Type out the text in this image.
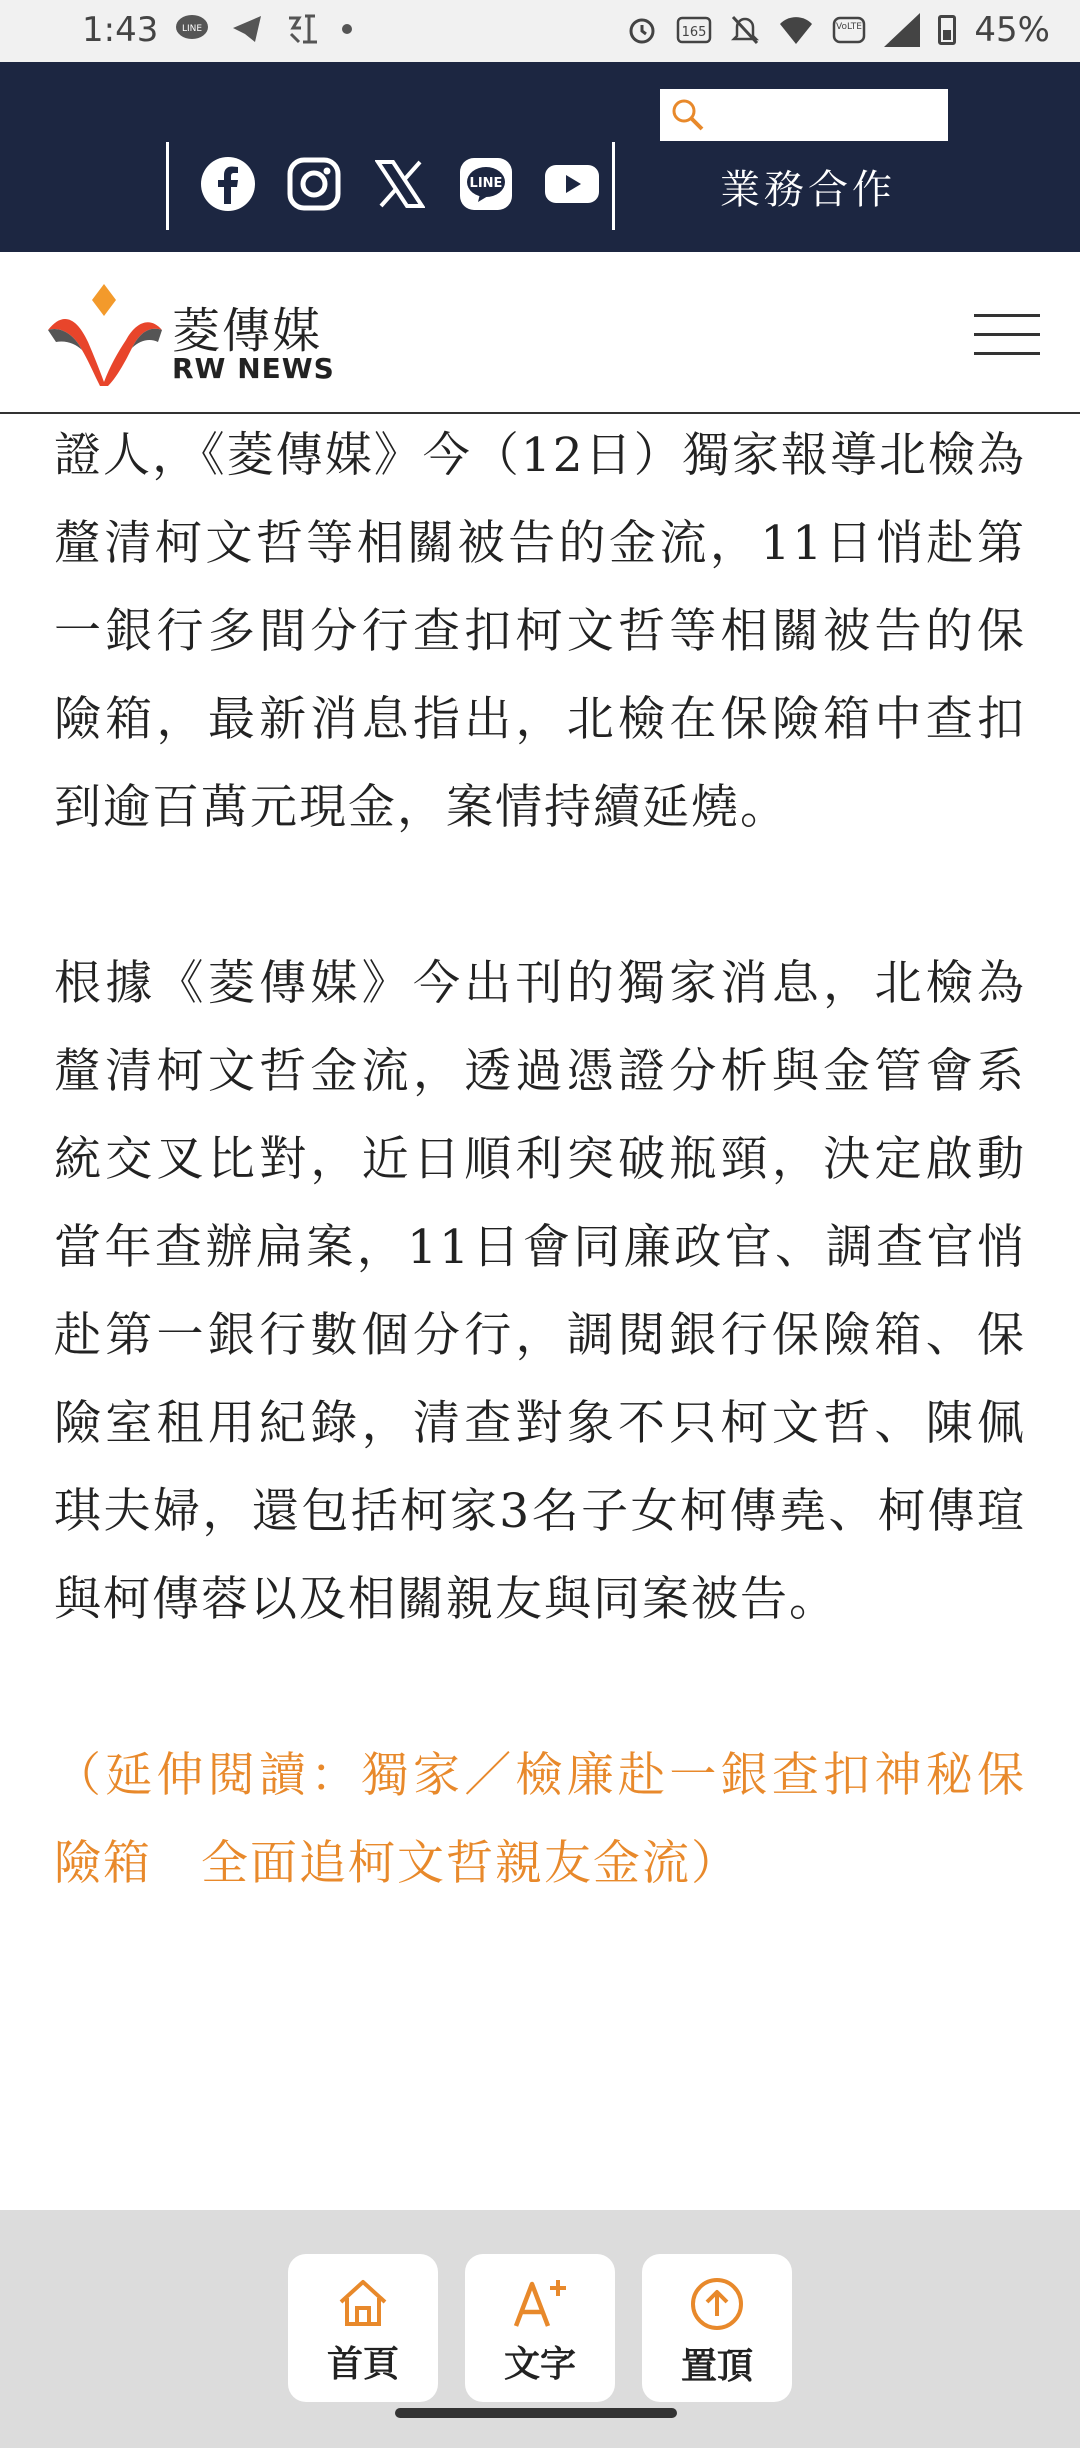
1:43	LINE	165	VoLTE	45%
LINE	業務合作
菱傳媒
RW NEWS

證人，《菱傳媒》今（12日）獨家報導北檢為釐清柯文哲等相關被告的金流，11日悄赴第一銀行多間分行查扣柯文哲等相關被告的保險箱，最新消息指出，北檢在保險箱中查扣到逾百萬元現金，案情持續延燒。

根據《菱傳媒》今出刊的獨家消息，北檢為釐清柯文哲金流，透過憑證分析與金管會系統交叉比對，近日順利突破瓶頸，決定啟動當年查辦扁案，11日會同廉政官、調查官悄赴第一銀行數個分行，調閱銀行保險箱、保險室租用紀錄，清查對象不只柯文哲、陳佩琪夫婦，還包括柯家3名子女柯傳堯、柯傳瑄與柯傳蓉以及相關親友與同案被告。

（延伸閱讀：獨家／檢廉赴一銀查扣神秘保險箱　全面追柯文哲親友金流）

首頁	文字	置頂
